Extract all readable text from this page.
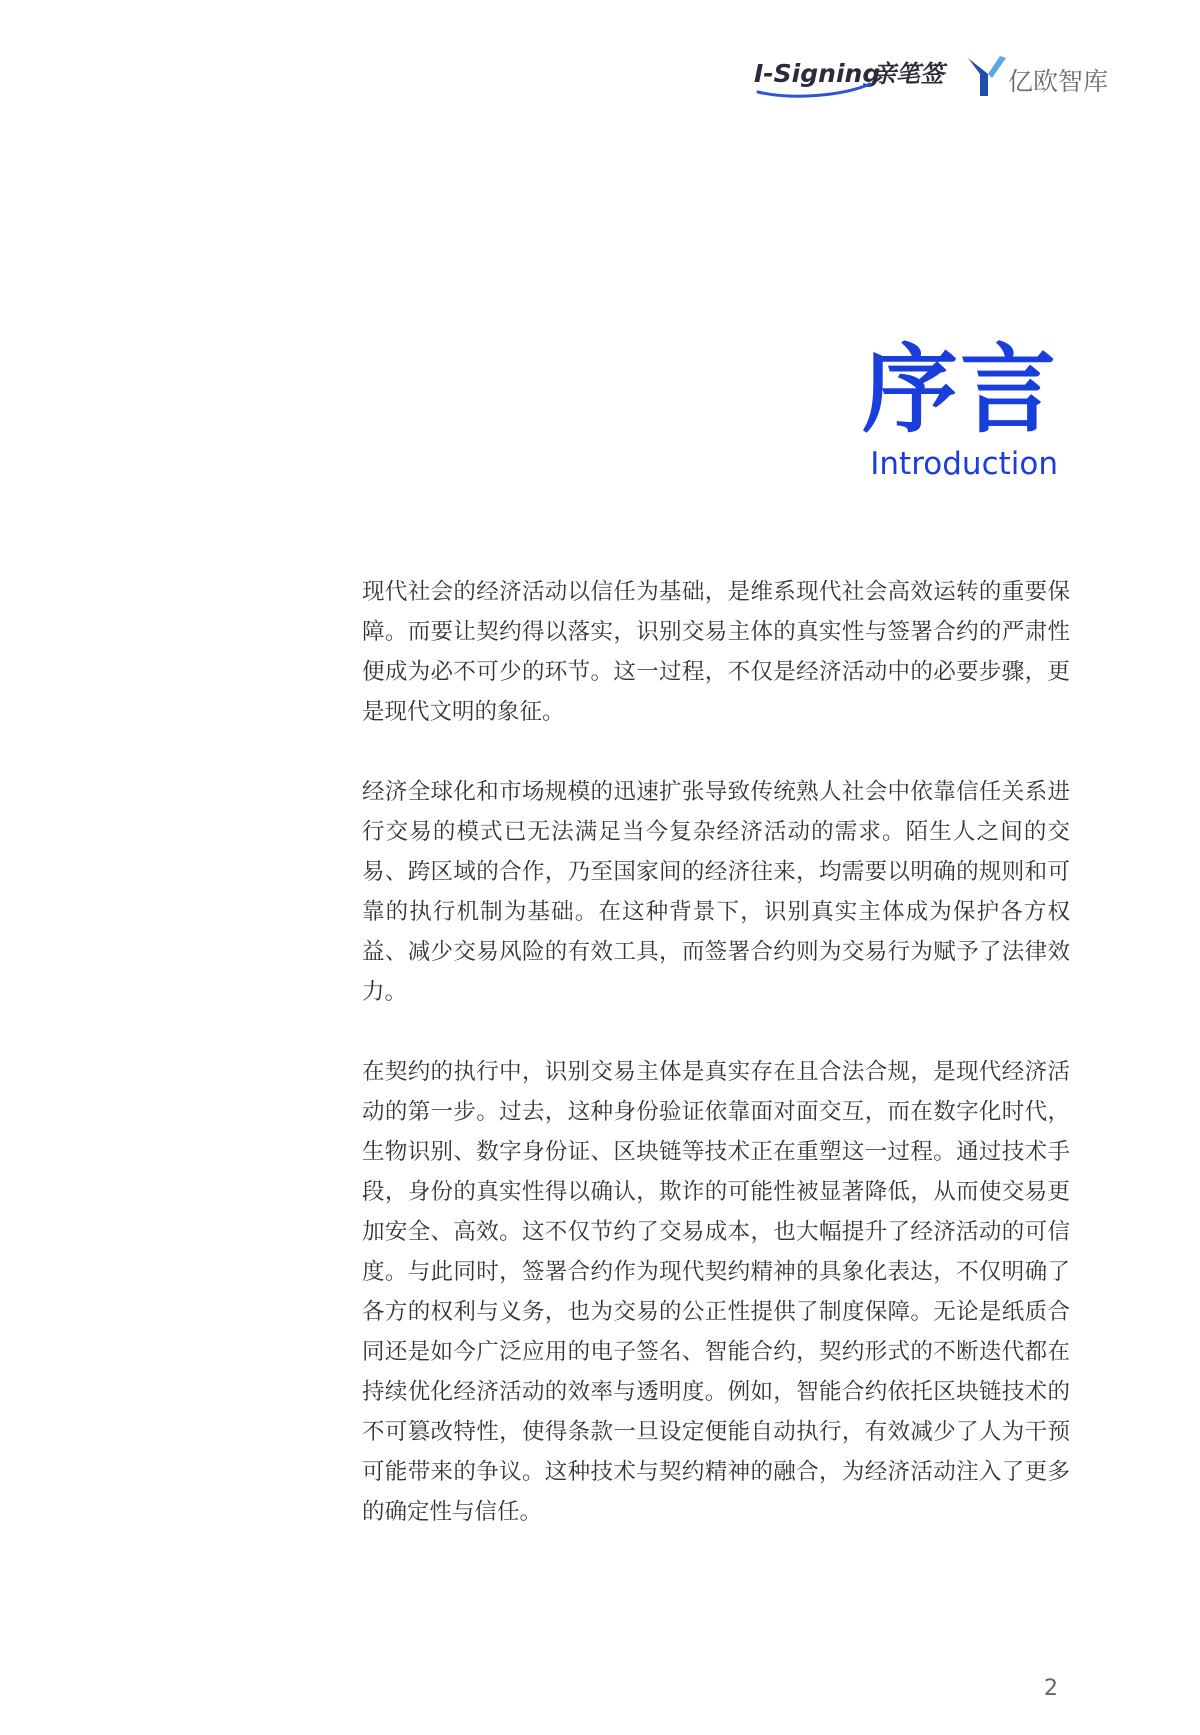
I-Signing
亲笔签	亿欧智库
序言
Introduction

现代社会的经济活动以信任为基础，是维系现代社会高效运转的重要保障。而要让契约得以落实，识别交易主体的真实性与签署合约的严肃性便成为必不可少的环节。这一过程，不仅是经济活动中的必要步骤，更是现代文明的象征。

经济全球化和市场规模的迅速扩张导致传统熟人社会中依靠信任关系进行交易的模式已无法满足当今复杂经济活动的需求。陌生人之间的交易、跨区域的合作，乃至国家间的经济往来，均需要以明确的规则和可靠的执行机制为基础。在这种背景下，识别真实主体成为保护各方权益、减少交易风险的有效工具，而签署合约则为交易行为赋予了法律效力。

在契约的执行中，识别交易主体是真实存在且合法合规，是现代经济活动的第一步。过去，这种身份验证依靠面对面交互，而在数字化时代，生物识别、数字身份证、区块链等技术正在重塑这一过程。通过技术手段，身份的真实性得以确认，欺诈的可能性被显著降低，从而使交易更加安全、高效。这不仅节约了交易成本，也大幅提升了经济活动的可信度。与此同时，签署合约作为现代契约精神的具象化表达，不仅明确了各方的权利与义务，也为交易的公正性提供了制度保障。无论是纸质合同还是如今广泛应用的电子签名、智能合约，契约形式的不断迭代都在持续优化经济活动的效率与透明度。例如，智能合约依托区块链技术的不可篡改特性，使得条款一旦设定便能自动执行，有效减少了人为干预可能带来的争议。这种技术与契约精神的融合，为经济活动注入了更多的确定性与信任。

2
